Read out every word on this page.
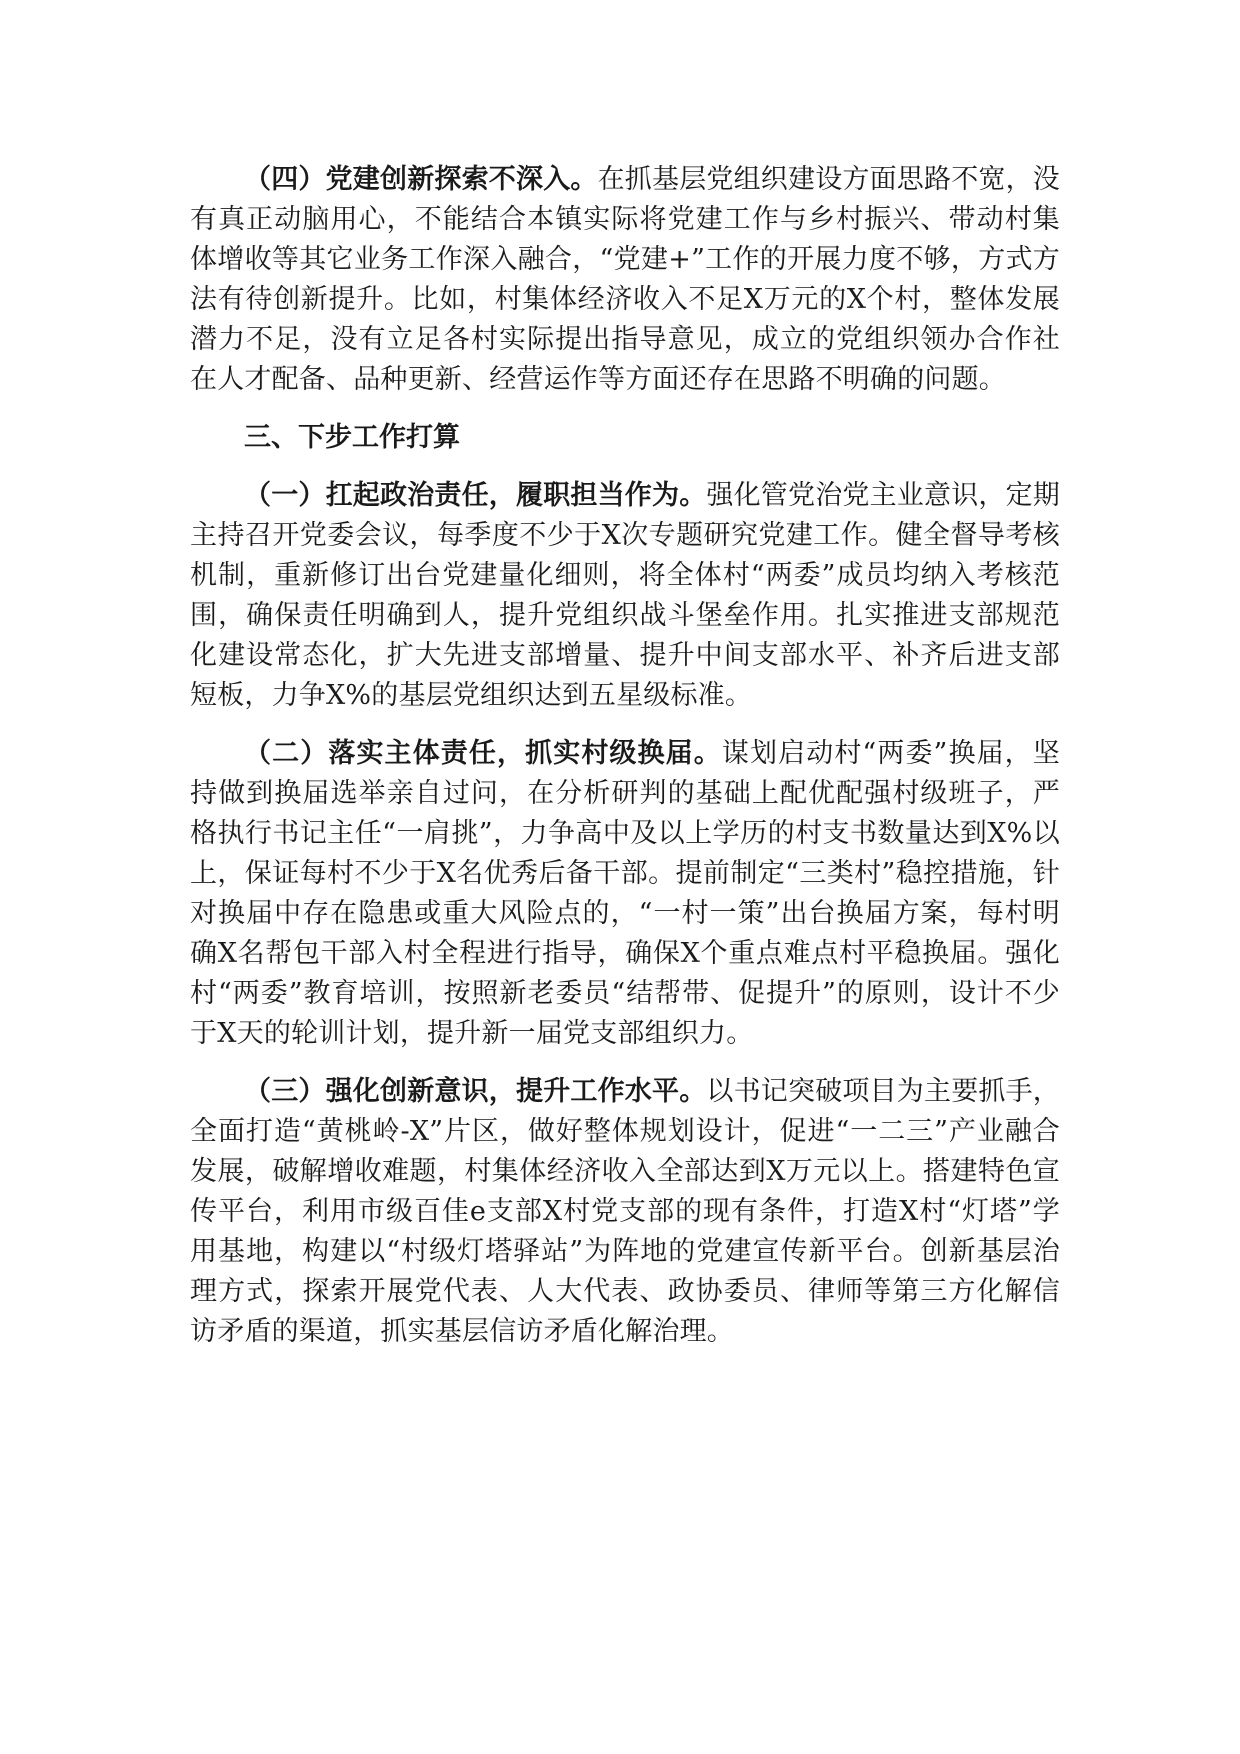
（四）党建创新探索不深入。在抓基层党组织建设方面思路不宽，没有真正动脑用心，不能结合本镇实际将党建工作与乡村振兴、带动村集体增收等其它业务工作深入融合，“党建+”工作的开展力度不够，方式方法有待创新提升。比如，村集体经济收入不足X万元的X个村，整体发展潜力不足，没有立足各村实际提出指导意见，成立的党组织领办合作社在人才配备、品种更新、经营运作等方面还存在思路不明确的问题。

三、下步工作打算

（一）扛起政治责任，履职担当作为。强化管党治党主业意识，定期主持召开党委会议，每季度不少于X次专题研究党建工作。健全督导考核机制，重新修订出台党建量化细则，将全体村“两委”成员均纳入考核范围，确保责任明确到人，提升党组织战斗堡垒作用。扎实推进支部规范化建设常态化，扩大先进支部增量、提升中间支部水平、补齐后进支部短板，力争X%的基层党组织达到五星级标准。

（二）落实主体责任，抓实村级换届。谋划启动村“两委”换届，坚持做到换届选举亲自过问，在分析研判的基础上配优配强村级班子，严格执行书记主任“一肩挑”，力争高中及以上学历的村支书数量达到X%以上，保证每村不少于X名优秀后备干部。提前制定“三类村”稳控措施，针对换届中存在隐患或重大风险点的，“一村一策”出台换届方案，每村明确X名帮包干部入村全程进行指导，确保X个重点难点村平稳换届。强化村“两委”教育培训，按照新老委员“结帮带、促提升”的原则，设计不少于X天的轮训计划，提升新一届党支部组织力。

（三）强化创新意识，提升工作水平。以书记突破项目为主要抓手，全面打造“黄桃岭-X”片区，做好整体规划设计，促进“一二三”产业融合发展，破解增收难题，村集体经济收入全部达到X万元以上。搭建特色宣传平台，利用市级百佳e支部X村党支部的现有条件，打造X村“灯塔”学用基地，构建以“村级灯塔驿站”为阵地的党建宣传新平台。创新基层治理方式，探索开展党代表、人大代表、政协委员、律师等第三方化解信访矛盾的渠道，抓实基层信访矛盾化解治理。
